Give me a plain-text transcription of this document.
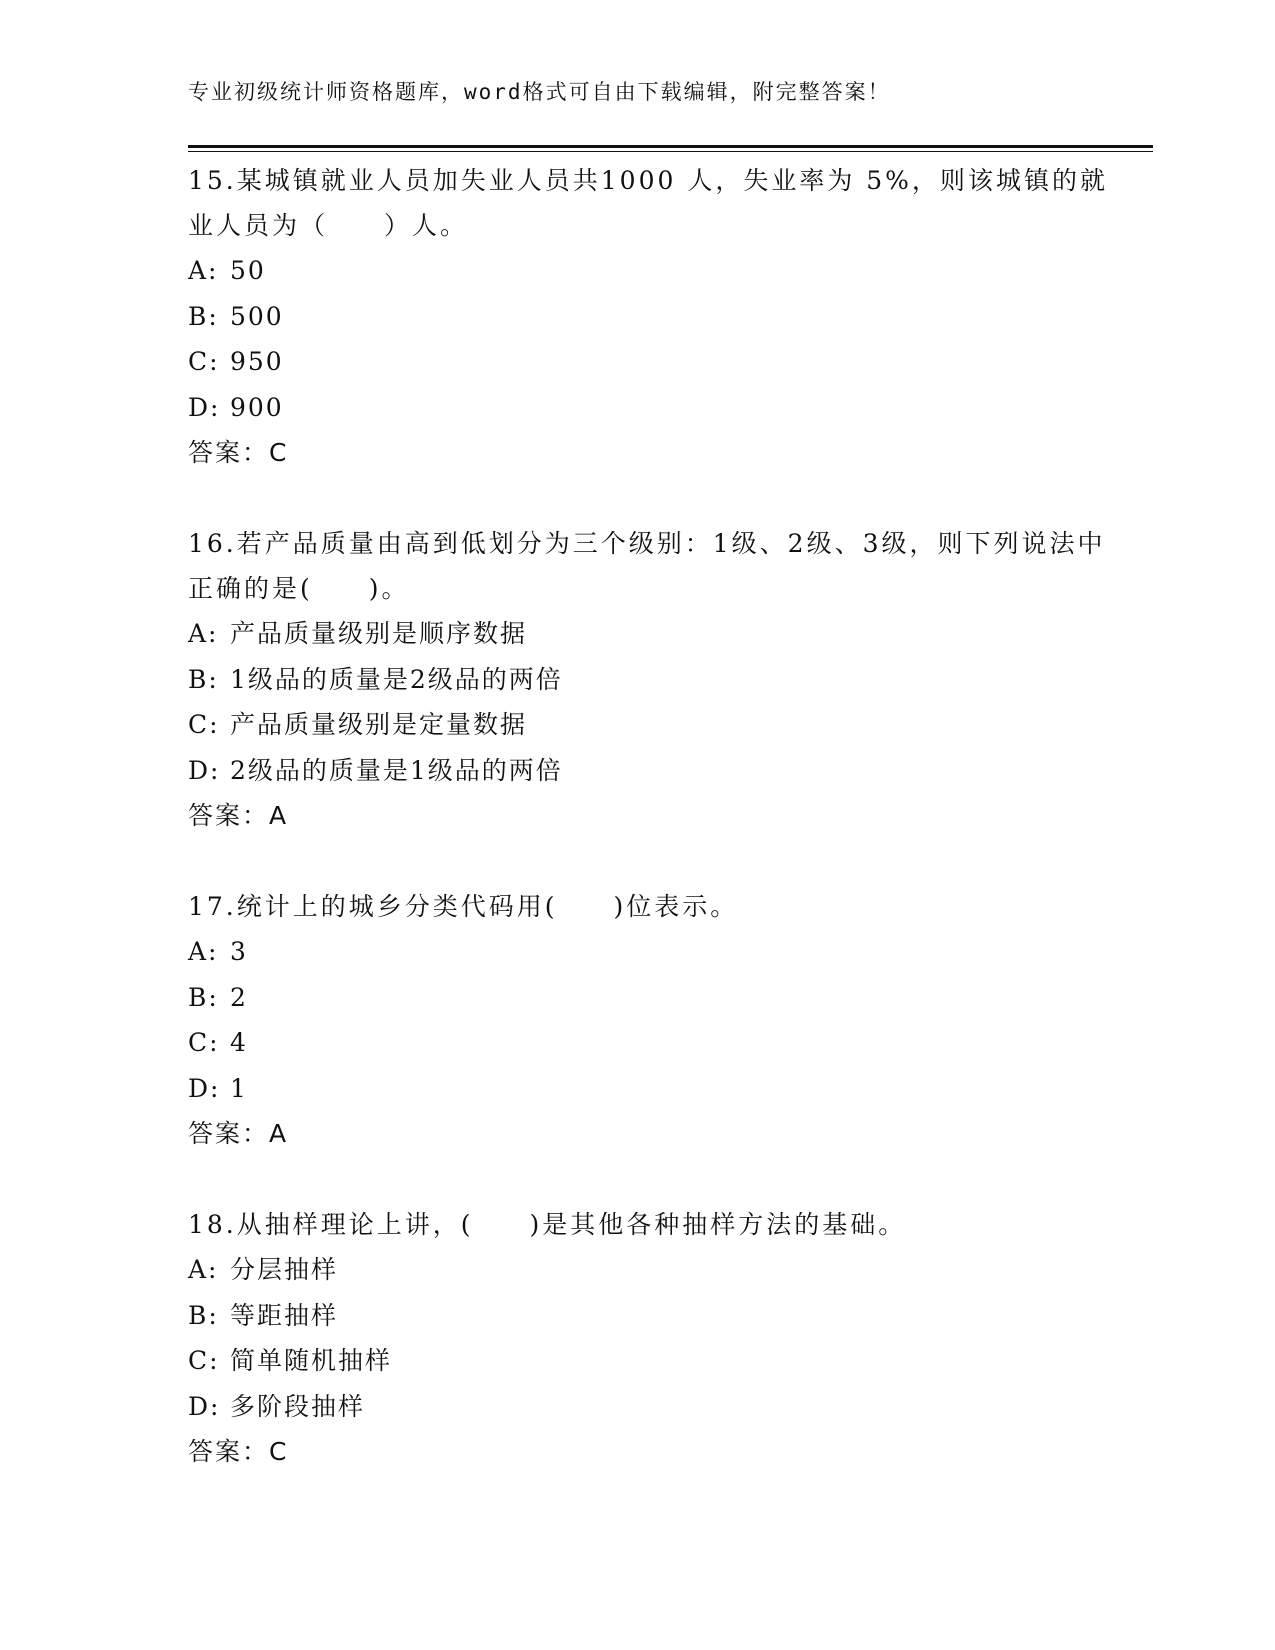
专业初级统计师资格题库，word格式可自由下载编辑，附完整答案！

15.某城镇就业人员加失业人员共1000 人，失业率为 5%，则该城镇的就业人员为（　　）人。

A: 50

B: 500

C: 950

D: 900

答案：C

16.若产品质量由高到低划分为三个级别：1级、2级、3级，则下列说法中正确的是(　　)。

A: 产品质量级别是顺序数据

B: 1级品的质量是2级品的两倍

C: 产品质量级别是定量数据

D: 2级品的质量是1级品的两倍

答案：A

17.统计上的城乡分类代码用(　　)位表示。

A: 3

B: 2

C: 4

D: 1

答案：A

18.从抽样理论上讲，(　　)是其他各种抽样方法的基础。

A: 分层抽样

B: 等距抽样

C: 简单随机抽样

D: 多阶段抽样

答案：C
